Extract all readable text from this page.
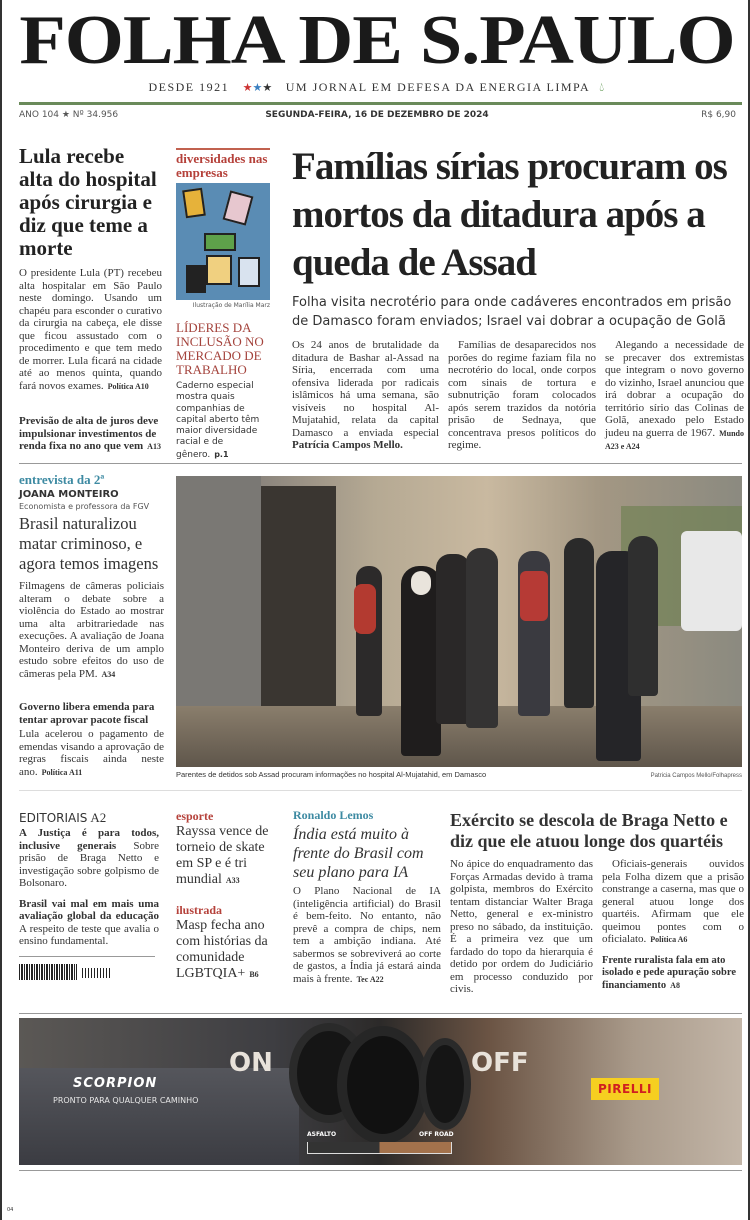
FOLHA DE S.PAULO
DESDE 1921 ★★★ UM JORNAL EM DEFESA DA ENERGIA LIMPA 💧︎
ANO 104 ★ Nº 34.956	SEGUNDA-FEIRA, 16 DE DEZEMBRO DE 2024	R$ 6,90
Lula recebe alta do hospital após cirurgia e diz que teme a morte
O presidente Lula (PT) recebeu alta hospitalar em São Paulo neste domingo. Usando um chapéu para esconder o curativo da cirurgia na cabeça, ele disse que ficou assustado com o procedimento e que tem medo de morrer. Lula ficará na cidade até ao menos quinta, quando fará novos exames. Política A10
Previsão de alta de juros deve impulsionar investimentos de renda fixa no ano que vem A13
diversidades nas empresas
Ilustração de Marília Marz
LÍDERES DA INCLUSÃO NO MERCADO DE TRABALHO
Caderno especial mostra quais companhias de capital aberto têm maior diversidade racial e de gênero. p.1
Famílias sírias procuram os mortos da ditadura após a queda de Assad
Folha visita necrotério para onde cadáveres encontrados em prisão de Damasco foram enviados; Israel vai dobrar a ocupação de Golã
Os 24 anos de brutalidade da ditadura de Bashar al-Assad na Síria, encerrada com uma ofensiva liderada por radicais islâmicos há uma semana, são visíveis no hospital Al-Mujatahid, relata da capital Damasco a enviada especial Patrícia Campos Mello.
Famílias de desaparecidos nos porões do regime faziam fila no necrotério do local, onde corpos com sinais de tortura e subnutrição foram colocados após serem trazidos da notória prisão de Sednaya, que concentrava presos políticos do regime.
Alegando a necessidade de se precaver dos extremistas que integram o novo governo do vizinho, Israel anunciou que irá dobrar a ocupação do território sírio das Colinas de Golã, anexado pelo Estado judeu na guerra de 1967. Mundo A23 e A24
entrevista da 2ª
JOANA MONTEIRO
Economista e professora da FGV
Brasil naturalizou matar criminoso, e agora temos imagens
Filmagens de câmeras policiais alteram o debate sobre a violência do Estado ao mostrar uma alta arbitrariedade nas execuções. A avaliação de Joana Monteiro deriva de um amplo estudo sobre efeitos do uso de câmeras pela PM. A34
Governo libera emenda para tentar aprovar pacote fiscal
Lula acelerou o pagamento de emendas visando a aprovação de regras fiscais ainda neste ano. Política A11	Parentes de detidos sob Assad procuram informações no hospital Al-Mujatahid, em Damasco	Patricia Campos Mello/Folhapress
EDITORIAIS A2
A Justiça é para todos, inclusive generais Sobre prisão de Braga Netto e investigação sobre golpismo de Bolsonaro.
Brasil vai mal em mais uma avaliação global da educação A respeito de teste que avalia o ensino fundamental.
esporte
Rayssa vence de torneio de skate em SP e é tri mundial A33
ilustrada
Masp fecha ano com histórias da comunidade LGBTQIA+ B6
Ronaldo Lemos
Índia está muito à frente do Brasil com seu plano para IA
O Plano Nacional de IA (inteligência artificial) do Brasil é bem-feito. No entanto, não prevê a compra de chips, nem tem a ambição indiana. Até sabermos se sobreviverá ao corte de gastos, a Índia já estará ainda mais à frente. Tec A22
Exército se descola de Braga Netto e diz que ele atuou longe dos quartéis
No ápice do enquadramento das Forças Armadas devido à trama golpista, membros do Exército tentam distanciar Walter Braga Netto, general e ex-ministro preso no sábado, da instituição. É a primeira vez que um fardado do topo da hierarquia é detido por ordem do Judiciário em processo conduzido por civis.
Oficiais-generais ouvidos pela Folha dizem que a prisão constrange a caserna, mas que o general atuou longe dos quartéis. Afirmam que ele queimou pontes com o oficialato. Política A6
Frente ruralista fala em ato isolado e pede apuração sobre financiamento A8
ON	OFF
SCORPION
PRONTO PARA QUALQUER CAMINHO
ASFALTO	OFF ROAD
PIRELLI
04
